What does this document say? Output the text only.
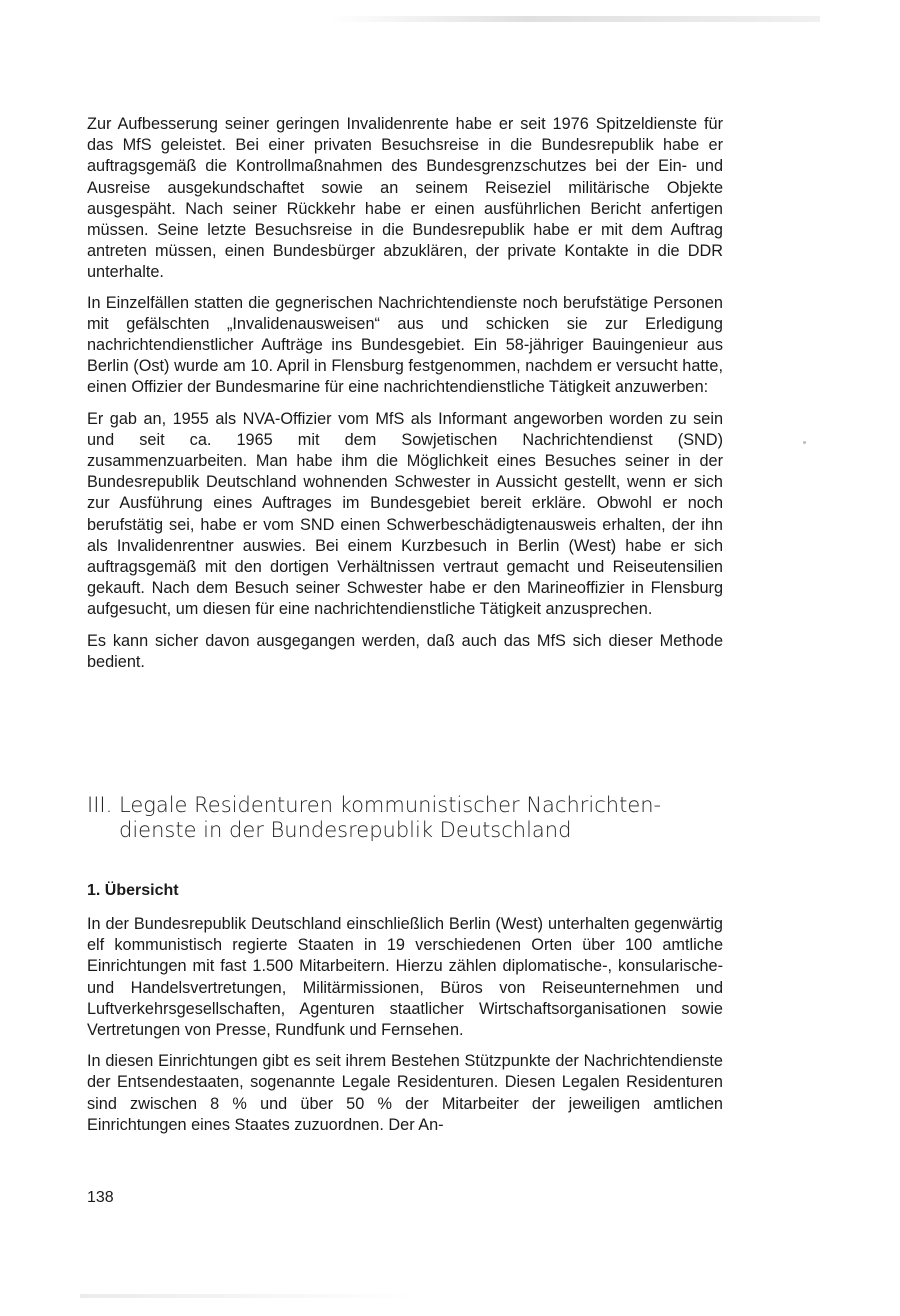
Zur Aufbesserung seiner geringen Invalidenrente habe er seit 1976 Spitzeldienste für das MfS geleistet. Bei einer privaten Besuchsreise in die Bundesrepublik habe er auftragsgemäß die Kontrollmaßnahmen des Bundesgrenzschutzes bei der Ein- und Ausreise ausgekundschaftet sowie an seinem Reiseziel militärische Objekte ausgespäht. Nach seiner Rückkehr habe er einen ausführlichen Bericht anfertigen müssen. Seine letzte Besuchsreise in die Bundesrepublik habe er mit dem Auftrag antreten müssen, einen Bundesbürger abzuklären, der private Kontakte in die DDR unterhalte.

In Einzelfällen statten die gegnerischen Nachrichtendienste noch berufstätige Personen mit gefälschten „Invalidenausweisen“ aus und schicken sie zur Erledigung nachrichtendienstlicher Aufträge ins Bundesgebiet. Ein 58-jähriger Bauingenieur aus Berlin (Ost) wurde am 10. April in Flensburg festgenommen, nachdem er versucht hatte, einen Offizier der Bundesmarine für eine nachrichtendienstliche Tätigkeit anzuwerben:

Er gab an, 1955 als NVA-Offizier vom MfS als Informant angeworben worden zu sein und seit ca. 1965 mit dem Sowjetischen Nachrichtendienst (SND) zusammenzuarbeiten. Man habe ihm die Möglichkeit eines Besuches seiner in der Bundesrepublik Deutschland wohnenden Schwester in Aussicht gestellt, wenn er sich zur Ausführung eines Auftrages im Bundesgebiet bereit erkläre. Obwohl er noch berufstätig sei, habe er vom SND einen Schwerbeschädigtenausweis erhalten, der ihn als Invalidenrentner auswies. Bei einem Kurzbesuch in Berlin (West) habe er sich auftragsgemäß mit den dortigen Verhältnissen vertraut gemacht und Reiseutensilien gekauft. Nach dem Besuch seiner Schwester habe er den Marineoffizier in Flensburg aufgesucht, um diesen für eine nachrichtendienstliche Tätigkeit anzusprechen.

Es kann sicher davon ausgegangen werden, daß auch das MfS sich dieser Methode bedient.

III. Legale Residenturen kommunistischer Nachrichten-
dienste in der Bundesrepublik Deutschland
1. Übersicht

In der Bundesrepublik Deutschland einschließlich Berlin (West) unterhalten gegenwärtig elf kommunistisch regierte Staaten in 19 verschiedenen Orten über 100 amtliche Einrichtungen mit fast 1.500 Mitarbeitern. Hierzu zählen diplomatische-, konsularische- und Handelsvertretungen, Militärmissionen, Büros von Reiseunternehmen und Luftverkehrsgesellschaften, Agenturen staatlicher Wirtschaftsorganisationen sowie Vertretungen von Presse, Rundfunk und Fernsehen.

In diesen Einrichtungen gibt es seit ihrem Bestehen Stützpunkte der Nachrichtendienste der Entsendestaaten, sogenannte Legale Residenturen. Diesen Legalen Residenturen sind zwischen 8 % und über 50 % der Mitarbeiter der jeweiligen amtlichen Einrichtungen eines Staates zuzuordnen. Der An-

138
